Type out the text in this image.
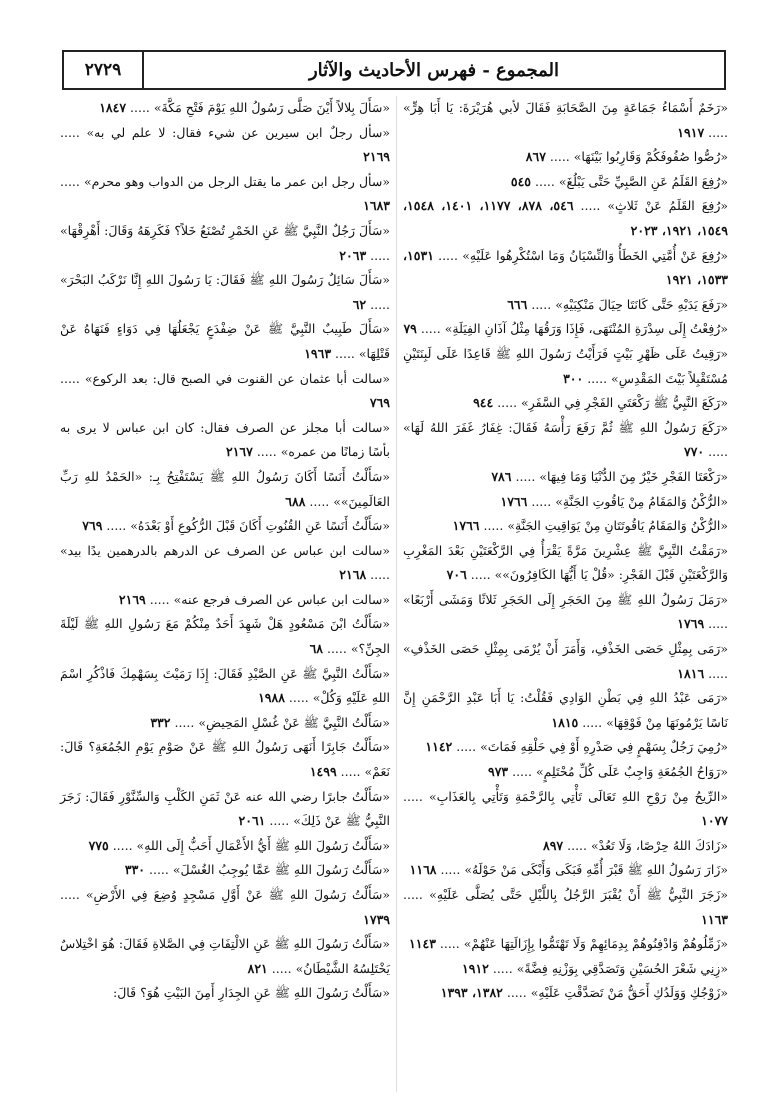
المجموع - فهرس الأحاديث والآثار
٢٧٢٩
«رَخَمٌ أَسْمَاءُ جَمَاعَةٍ مِنَ الصَّحَابَةِ فَقَالَ لأبي هُرَيْرَةَ: يَا أَبَا هِرٍّ» ..... ١٩١٧
«رُصُّوا صُفُوفَكُمْ وَقَارِبُوا بَيْنَهَا» ..... ٨٦٧
«رُفِعَ القَلَمُ عَنِ الصَّبِيِّ حَتَّى يَبْلُغَ» ..... ٥٤٥
«رُفِعَ القَلَمُ عَنْ ثَلاثٍ» ..... ٥٤٦، ٨٧٨، ١١٧٧، ١٤٠١، ١٥٤٨، ١٥٤٩، ١٩٢١، ٢٠٢٣
«رُفِعَ عَنْ أُمَّتِي الخَطَأُ وَالنِّسْيَانُ وَمَا اسْتُكْرِهُوا عَلَيْهِ» ..... ١٥٣١، ١٥٣٣، ١٩٢١
«رَفَعَ يَدَيْهِ حَتَّى كَانَتَا حِيَالَ مَنْكِبَيْهِ» ..... ٦٦٦
«رُفِعْتُ إِلَى سِدْرَةِ المُنْتَهَى، فَإِذَا وَرَقُهَا مِثْلُ آذَانِ الفِيَلَةِ» ..... ٧٩
«رَقِيتُ عَلَى ظَهْرِ بَيْتٍ فَرَأَيْتُ رَسُولَ اللهِ ﷺ قَاعِدًا عَلَى لَبِنَتَيْنِ مُسْتَقْبِلاً بَيْتَ المَقْدِسِ» ..... ٣٠٠
«رَكَعَ النَّبِيُّ ﷺ رَكْعَتَيِ الفَجْرِ فِي السَّفَرِ» ..... ٩٤٤
«رَكَعَ رَسُولُ اللهِ ﷺ ثُمَّ رَفَعَ رَأْسَهُ فَقَالَ: غِفَارُ غَفَرَ اللهُ لَهَا» ..... ٧٧٠
«رَكْعَتَا الفَجْرِ خَيْرٌ مِنَ الدُّنْيَا وَمَا فِيهَا» ..... ٧٨٦
«الرُّكْنُ وَالمَقَامُ مِنْ يَاقُوتِ الجَنَّةِ» ..... ١٧٦٦
«الرُّكْنُ وَالمَقَامُ يَاقُوتَتَانِ مِنْ يَوَاقِيتِ الجَنَّةِ» ..... ١٧٦٦
«رَمَقْتُ النَّبِيَّ ﷺ عِشْرِينَ مَرَّةً يَقْرَأُ فِي الرَّكْعَتَيْنِ بَعْدَ المَغْرِبِ وَالرَّكْعَتَيْنِ قَبْلَ الفَجْرِ: «قُلْ يَا أَيُّهَا الكَافِرُونَ»» ..... ٧٠٦
«رَمَلَ رَسُولُ اللهِ ﷺ مِنَ الحَجَرِ إِلَى الحَجَرِ ثَلاثًا وَمَشَى أَرْبَعًا» ..... ١٧٦٩
«رَمَى بِمِثْلِ حَصَى الخَذْفِ، وَأَمَرَ أَنْ يُرْمَى بِمِثْلِ حَصَى الخَذْفِ» ..... ١٨١٦
«رَمَى عَبْدُ اللهِ فِي بَطْنِ الوَادِي فَقُلْتُ: يَا أَبَا عَبْدِ الرَّحْمَنِ إِنَّ نَاسًا يَرْمُونَهَا مِنْ فَوْقِهَا» ..... ١٨١٥
«رُمِيَ رَجُلٌ بِسَهْمٍ فِي صَدْرِهِ أَوْ فِي حَلْقِهِ فَمَاتَ» ..... ١١٤٢
«رَوَاحُ الجُمُعَةِ وَاجِبٌ عَلَى كُلِّ مُحْتَلِمٍ» ..... ٩٧٣
«الرِّيحُ مِنْ رَوْحِ اللهِ تَعَالَى تَأْتِي بِالرَّحْمَةِ وَتَأْتِي بِالعَذَابِ» ..... ١٠٧٧
«زَادَكَ اللهُ حِرْصًا، وَلَا تَعُدْ» ..... ٨٩٧
«زَارَ رَسُولُ اللهِ ﷺ قَبْرَ أُمِّهِ فَبَكَى وَأَبْكَى مَنْ حَوْلَهُ» ..... ١١٦٨
«زَجَرَ النَّبِيُّ ﷺ أَنْ يُقْبَرَ الرَّجُلُ بِاللَّيْلِ حَتَّى يُصَلَّى عَلَيْهِ» ..... ١١٦٣
«زَمِّلُوهُمْ وَادْفِنُوهُمْ بِدِمَائِهِمْ وَلَا تَهْتَمُّوا بِإِزَالَتِهَا عَنْهُمْ» ..... ١١٤٣
«زِنِي شَعْرَ الحُسَيْنِ وَتَصَدَّقِي بِوَزْنِهِ فِضَّةً» ..... ١٩١٢
«زَوْجُكِ وَوَلَدُكِ أَحَقُّ مَنْ تَصَدَّقْتِ عَلَيْهِ» ..... ١٣٨٢، ١٣٩٣
«سَأَلَ بِلالاً أَيْنَ صَلَّى رَسُولُ اللهِ يَوْمَ فَتْحِ مَكَّةَ» ..... ١٨٤٧
«سأل رجلٌ ابن سيرين عن شيء فقال: لا علم لي به» ..... ٢١٦٩
«سأل رجل ابن عمر ما يقتل الرجل من الدواب وهو محرم» ..... ١٦٨٣
«سَأَلَ رَجُلٌ النَّبِيَّ ﷺ عَنِ الخَمْرِ تُصْنَعُ خَلاً؟ فَكَرِهَهُ وَقَالَ: أَهْرِقْهَا» ..... ٢٠٦٣
«سَأَلَ سَائِلٌ رَسُولَ اللهِ ﷺ فَقَالَ: يَا رَسُولَ اللهِ إِنَّا نَرْكَبُ البَحْرَ» ..... ٦٢
«سَأَلَ طَبِيبٌ النَّبِيَّ ﷺ عَنْ ضِفْدَعٍ يَجْعَلُهَا فِي دَوَاءٍ فَنَهَاهُ عَنْ قَتْلِهَا» ..... ١٩٦٣
«سالت أبا عثمان عن القنوت في الصبح قال: بعد الركوع» ..... ٧٦٩
«سالت أبا مجلز عن الصرف فقال: كان ابن عباس لا يرى به بأسًا زمانًا من عمره» ..... ٢١٦٧
«سَأَلْتُ أَنَسًا أَكَانَ رَسُولُ اللهِ ﷺ يَسْتَفْتِحُ بِـ: «الحَمْدُ للهِ رَبِّ العَالَمِينَ»» ..... ٦٨٨
«سَأَلْتُ أَنَسًا عَنِ القُنُوتِ أَكَانَ قَبْلَ الرُّكُوعِ أَوْ بَعْدَهُ» ..... ٧٦٩
«سالت ابن عباس عن الصرف عن الدرهم بالدرهمين يدًا بيد» ..... ٢١٦٨
«سالت ابن عباس عن الصرف فرجع عنه» ..... ٢١٦٩
«سَأَلْتُ ابْنَ مَسْعُودٍ هَلْ شَهِدَ أَحَدٌ مِنْكُمْ مَعَ رَسُولِ اللهِ ﷺ لَيْلَةَ الجِنِّ؟» ..... ٦٨
«سَأَلْتُ النَّبِيَّ ﷺ عَنِ الصَّيْدِ فَقَالَ: إِذَا رَمَيْتَ بِسَهْمِكَ فَاذْكُرِ اسْمَ اللهِ عَلَيْهِ وَكُلْ» ..... ١٩٨٨
«سَأَلْتُ النَّبِيَّ ﷺ عَنْ غُسْلِ المَحِيضِ» ..... ٣٣٢
«سَأَلْتُ جَابِرًا أَنَهَى رَسُولُ اللهِ ﷺ عَنْ صَوْمِ يَوْمِ الجُمُعَةِ؟ قَالَ: نَعَمْ» ..... ١٤٩٩
«سَأَلْتُ جابرًا رضي الله عنه عَنْ ثَمَنِ الكَلْبِ وَالسِّنَّوْرِ فَقَالَ: زَجَرَ النَّبِيُّ ﷺ عَنْ ذَلِكَ» ..... ٢٠٦١
«سَأَلْتُ رَسُولَ اللهِ ﷺ أَيُّ الأَعْمَالِ أَحَبُّ إِلَى اللهِ» ..... ٧٧٥
«سَأَلْتُ رَسُولَ اللهِ ﷺ عَمَّا يُوجِبُ الغُسْلَ» ..... ٣٣٠
«سَأَلْتُ رَسُولَ اللهِ ﷺ عَنْ أَوَّلِ مَسْجِدٍ وُضِعَ فِي الأَرْضِ» ..... ١٧٣٩
«سَأَلْتُ رَسُولَ اللهِ ﷺ عَنِ الالْتِفَاتِ فِي الصَّلاةِ فَقَالَ: هُوَ اخْتِلاسٌ يَخْتَلِسُهُ الشَّيْطَانُ» ..... ٨٢١
«سَأَلْتُ رَسُولَ اللهِ ﷺ عَنِ الجِدَارِ أَمِنَ البَيْتِ هُوَ؟ قَالَ:
